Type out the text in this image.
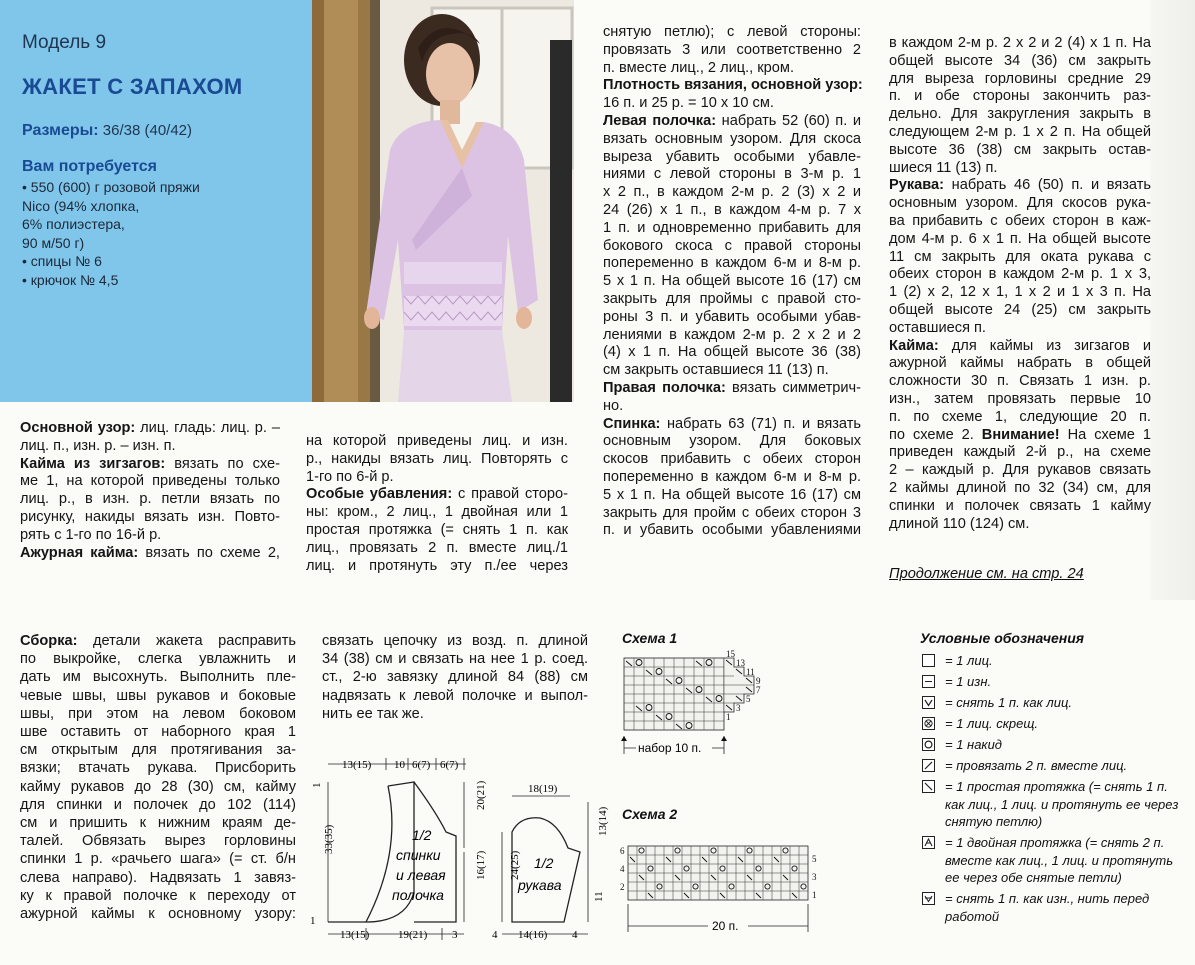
Модель 9
ЖАКЕТ С ЗАПАХОМ
Размеры: 36/38 (40/42)
Вам потребуется
• 550 (600) г розовой пряжи
Nico (94% хлопка,
6% полиэстера,
90 м/50 г)
• спицы № 6
• крючок № 4,5
Основной узор: лиц. гладь: лиц. р. –
лиц. п., изн. р. – изн. п.
Кайма из зигзагов: вязать по схе-
ме 1, на которой приведены только
лиц. р., в изн. р. петли вязать по
рисунку, накиды вязать изн. Повто-
рять с 1-го по 16-й р.
Ажурная кайма: вязать по схеме 2,
на которой приведены лиц. и изн.
р., накиды вязать лиц. Повторять с
1-го по 6-й р.
Особые убавления: с правой сторо-
ны: кром., 2 лиц., 1 двойная или 1
простая протяжка (= снять 1 п. как
лиц., провязать 2 п. вместе лиц./1
лиц. и протянуть эту п./ее через
снятую петлю); с левой стороны:
провязать 3 или соответственно 2
п. вместе лиц., 2 лиц., кром.
Плотность вязания, основной узор:
16 п. и 25 р. = 10 х 10 см.
Левая полочка: набрать 52 (60) п. и
вязать основным узором. Для скоса
выреза убавить особыми убавле-
ниями с левой стороны в 3-м р. 1
х 2 п., в каждом 2-м р. 2 (3) х 2 и
24 (26) х 1 п., в каждом 4-м р. 7 х
1 п. и одновременно прибавить для
бокового скоса с правой стороны
попеременно в каждом 6-м и 8-м р.
5 х 1 п. На общей высоте 16 (17) см
закрыть для проймы с правой сто-
роны 3 п. и убавить особыми убав-
лениями в каждом 2-м р. 2 х 2 и 2
(4) х 1 п. На общей высоте 36 (38)
см закрыть оставшиеся 11 (13) п.
Правая полочка: вязать симметрич-
но.
Спинка: набрать 63 (71) п. и вязать
основным узором. Для боковых
скосов прибавить с обеих сторон
попеременно в каждом 6-м и 8-м р.
5 х 1 п. На общей высоте 16 (17) см
закрыть для пройм с обеих сторон 3
п. и убавить особыми убавлениями
в каждом 2-м р. 2 х 2 и 2 (4) х 1 п. На
общей высоте 34 (36) см закрыть
для выреза горловины средние 29
п. и обе стороны закончить раз-
дельно. Для закругления закрыть в
следующем 2-м р. 1 х 2 п. На общей
высоте 36 (38) см закрыть остав-
шиеся 11 (13) п.
Рукава: набрать 46 (50) п. и вязать
основным узором. Для скосов рука-
ва прибавить с обеих сторон в каж-
дом 4-м р. 6 х 1 п. На общей высоте
11 см закрыть для оката рукава с
обеих сторон в каждом 2-м р. 1 х 3,
1 (2) х 2, 12 х 1, 1 х 2 и 1 х 3 п. На
общей высоте 24 (25) см закрыть
оставшиеся п.
Кайма: для каймы из зигзагов и
ажурной каймы набрать в общей
сложности 30 п. Связать 1 изн. р.
изн., затем провязать первые 10
п. по схеме 1, следующие 20 п.
по схеме 2. Внимание! На схеме 1
приведен каждый 2-й р., на схеме
2 – каждый р. Для рукавов связать
2 каймы длиной по 32 (34) см, для
спинки и полочек связать 1 кайму
длиной 110 (124) см.
Продолжение см. на стр. 24
Сборка: детали жакета расправить
по выкройке, слегка увлажнить и
дать им высохнуть. Выполнить пле-
чевые швы, швы рукавов и боковые
швы, при этом на левом боковом
шве оставить от наборного края 1
см открытым для протягивания за-
вязки; втачать рукава. Присборить
кайму рукавов до 28 (30) см, кайму
для спинки и полочек до 102 (114)
см и пришить к нижним краям де-
талей. Обвязать вырез горловины
спинки 1 р. «рачьего шага» (= ст. б/н
слева направо). Надвязать 1 завяз-
ку к правой полочке к переходу от
ажурной каймы к основному узору:
связать цепочку из возд. п. длиной
34 (38) см и связать на нее 1 р. соед.
ст., 2-ю завязку длиной 84 (88) см
надвязать к левой полочке и выпол-
нить ее так же.
13(15) 10 6(7) 6(7)
1
33(35)
20(21)
16(17)
1/2
спинки
и левая
полочка
13(15)	19(21) 3
1
18(19)
24(25)
13(14)
11
1/2
рукава
14(16) 4
4
Схема 1
15
13
11
9
7
5
3
1
набор 10 п.
Схема 2
5
3
1
6
4
2
20 п.
Условные обозначения
= 1 лиц.
= 1 изн.
= снять 1 п. как лиц.
= 1 лиц. скрещ.
= 1 накид
= провязать 2 п. вместе лиц.
= 1 простая протяжка (= снять 1 п. как лиц., 1 лиц. и протянуть ее через снятую петлю)
= 1 двойная протяжка (= снять 2 п. вместе как лиц., 1 лиц. и протянуть ее через обе снятые петли)
= снять 1 п. как изн., нить перед работой
